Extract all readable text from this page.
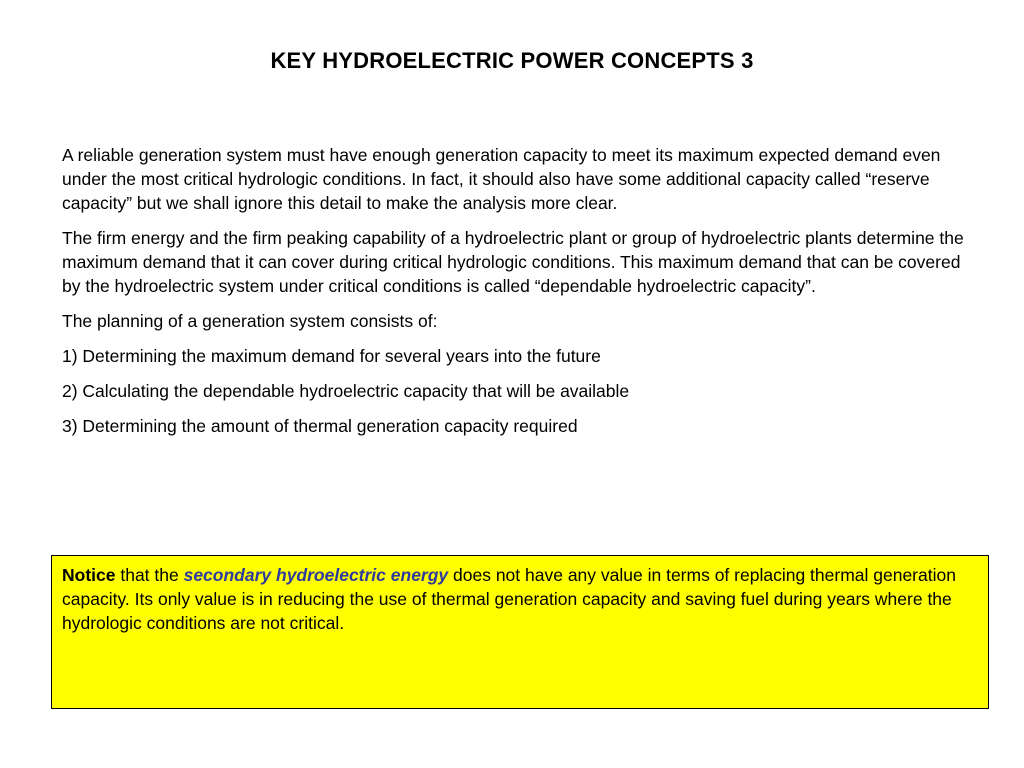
KEY HYDROELECTRIC POWER CONCEPTS 3

A reliable generation system must have enough generation capacity to meet its maximum expected demand even under the most critical hydrologic conditions. In fact, it should also have some additional capacity called “reserve capacity” but we shall ignore this detail to make the analysis more clear.

The firm energy and the firm peaking capability of a hydroelectric plant or group of hydroelectric plants determine the maximum demand that it can cover during critical hydrologic conditions. This maximum demand that can be covered by the hydroelectric system under critical conditions is called “dependable hydroelectric capacity”.

The planning of a generation system consists of:

1) Determining the maximum demand for several years into the future

2) Calculating the dependable hydroelectric capacity that will be available

3) Determining the amount of thermal generation capacity required

Notice that the secondary hydroelectric energy does not have any value in terms of replacing thermal generation capacity. Its only value is in reducing the use of thermal generation capacity and saving fuel during years where the hydrologic conditions are not critical.
